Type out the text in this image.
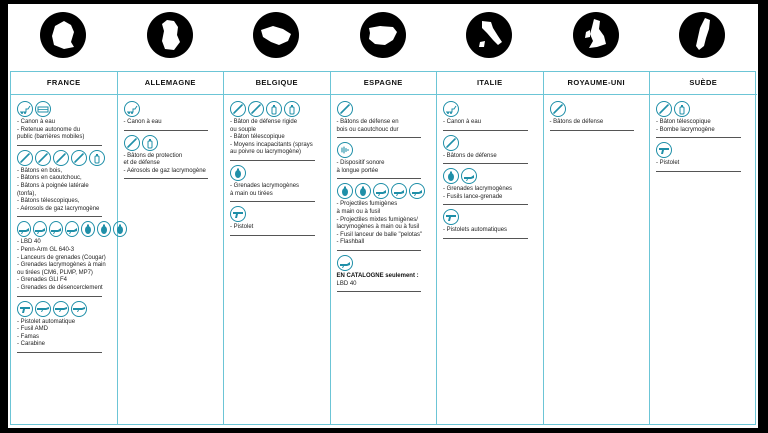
FRANCE
- Canon à eau
- Retenue autonome du
public (barrières mobiles)
- Bâtons en bois,
- Bâtons en caoutchouc,
- Bâtons à poignée latérale
(tonfa),
- Bâtons télescopiques,
- Aérosols de gaz lacrymogène
- LBD 40
- Penn-Arm GL 640-3
- Lanceurs de grenades (Cougar)
- Grenades lacrymogènes à main
ou tirées (CM6, PLMP, MP7)
- Grenades GLI F4
- Grenades de désencerclement
- Pistolet automatique
- Fusil AMD
- Famas
- Carabine
ALLEMAGNE
- Canon à eau
- Bâtons de protection
et de défense
- Aérosols de gaz lacrymogène
BELGIQUE
- Bâton de défense rigide
ou souple
- Bâton télescopique
- Moyens incapacitants (sprays
au poivre ou lacrymogène)
- Grenades lacrymogènes
à main ou tirées
- Pistolet
ESPAGNE
- Bâtons de défense en
bois ou caoutchouc dur
- Dispositif sonore
à longue portée
- Projectiles fumigènes
à main ou à fusil
- Projectiles mixtes fumigènes/
lacrymogènes à main ou à fusil
- Fusil lanceur de balle "pelotas"
- Flashball
EN CATALOGNE seulement :
LBD 40
ITALIE
- Canon à eau
- Bâtons de défense
- Grenades lacrymogènes
- Fusils lance-grenade
- Pistolets automatiques
ROYAUME-UNI
- Bâtons de défense
SUÈDE
- Bâton télescopique
- Bombe lacrymogène
- Pistolet
